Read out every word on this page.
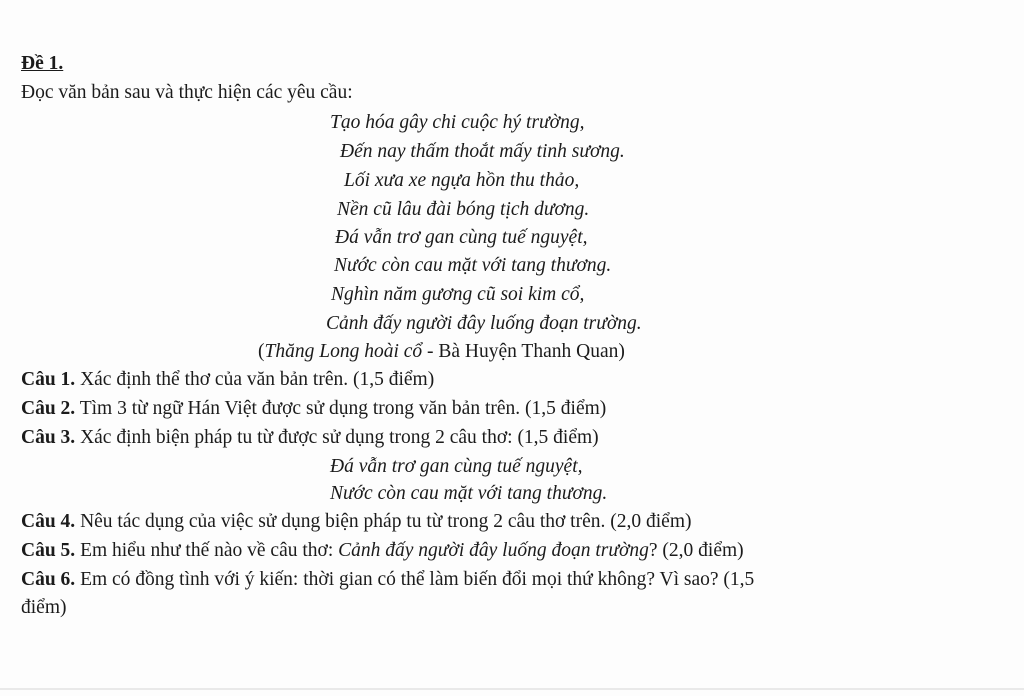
Đề 1.
Đọc văn bản sau và thực hiện các yêu cầu:
Tạo hóa gây chi cuộc hý trường,
Đến nay thấm thoắt mấy tinh sương.
Lối xưa xe ngựa hồn thu thảo,
Nền cũ lâu đài bóng tịch dương.
Đá vẫn trơ gan cùng tuế nguyệt,
Nước còn cau mặt với tang thương.
Nghìn năm gương cũ soi kim cổ,
Cảnh đấy người đây luống đoạn trường.
(Thăng Long hoài cổ - Bà Huyện Thanh Quan)
Câu 1. Xác định thể thơ của văn bản trên. (1,5 điểm)
Câu 2. Tìm 3 từ ngữ Hán Việt được sử dụng trong văn bản trên. (1,5 điểm)
Câu 3. Xác định biện pháp tu từ được sử dụng trong 2 câu thơ: (1,5 điểm)
Đá vẫn trơ gan cùng tuế nguyệt,
Nước còn cau mặt với tang thương.
Câu 4. Nêu tác dụng của việc sử dụng biện pháp tu từ trong 2 câu thơ trên. (2,0 điểm)
Câu 5. Em hiểu như thế nào về câu thơ: Cảnh đấy người đây luống đoạn trường? (2,0 điểm)
Câu 6. Em có đồng tình với ý kiến: thời gian có thể làm biến đổi mọi thứ không? Vì sao? (1,5
điểm)
